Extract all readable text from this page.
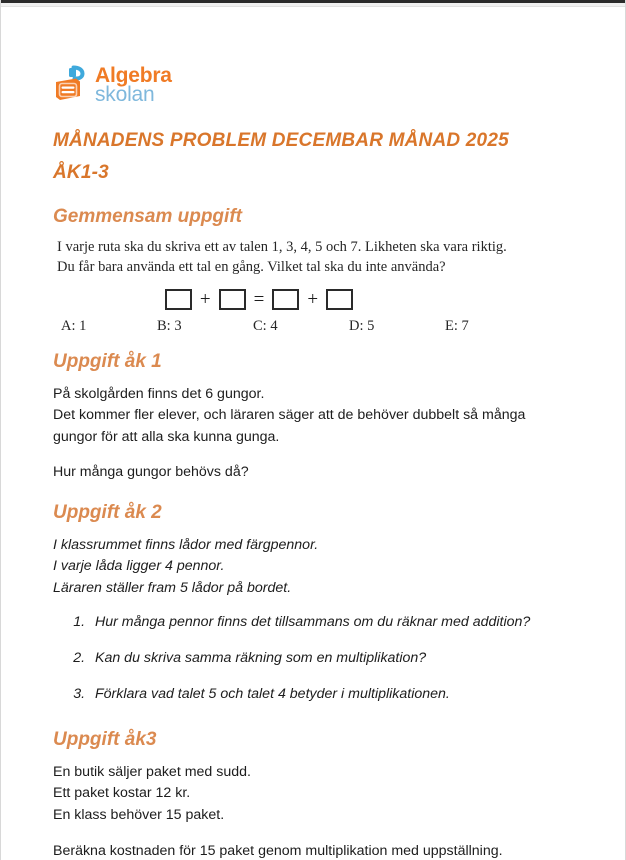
Algebra
skolan
MÅNADENS PROBLEM DECEMBAR MÅNAD 2025
ÅK1-3
Gemmensam uppgift

I varje ruta ska du skriva ett av talen 1, 3, 4, 5 och 7. Likheten ska vara riktig.

Du får bara använda ett tal en gång. Vilket tal ska du inte använda?

+ = +
A: 1	B: 3	C: 4	D: 5	E: 7
Uppgift åk 1

På skolgården finns det 6 gungor.

Det kommer fler elever, och läraren säger att de behöver dubbelt så många

gungor för att alla ska kunna gunga.

Hur många gungor behövs då?
Uppgift åk 2

I klassrummet finns lådor med färgpennor.

I varje låda ligger 4 pennor.

Läraren ställer fram 5 lådor på bordet.

1. Hur många pennor finns det tillsammans om du räknar med addition?
2. Kan du skriva samma räkning som en multiplikation?
3. Förklara vad talet 5 och talet 4 betyder i multiplikationen.
Uppgift åk3

En butik säljer paket med sudd.

Ett paket kostar 12 kr.

En klass behöver 15 paket.

Beräkna kostnaden för 15 paket genom multiplikation med uppställning.
